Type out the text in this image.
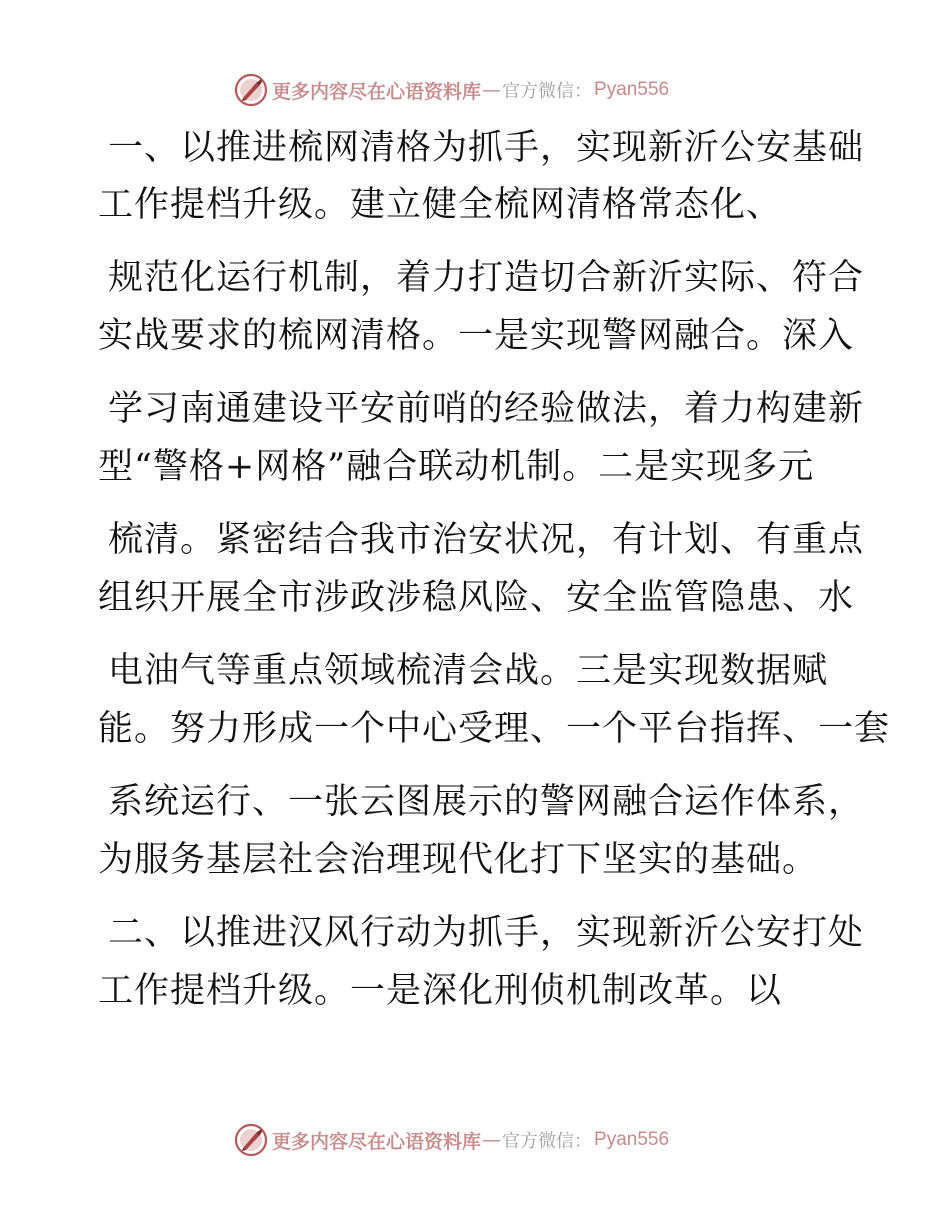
更多内容尽在心语资料库 — 官方微信： Pyan556
一、以推进梳网清格为抓手，实现新沂公安基础
工作提档升级。建立健全梳网清格常态化、
规范化运行机制，着力打造切合新沂实际、符合
实战要求的梳网清格。一是实现警网融合。深入
学习南通建设平安前哨的经验做法，着力构建新
型“警格+网格”融合联动机制。二是实现多元
梳清。紧密结合我市治安状况，有计划、有重点
组织开展全市涉政涉稳风险、安全监管隐患、水
电油气等重点领域梳清会战。三是实现数据赋
能。努力形成一个中心受理、一个平台指挥、一套
系统运行、一张云图展示的警网融合运作体系，
为服务基层社会治理现代化打下坚实的基础。
二、以推进汉风行动为抓手，实现新沂公安打处
工作提档升级。一是深化刑侦机制改革。以
更多内容尽在心语资料库 — 官方微信： Pyan556
